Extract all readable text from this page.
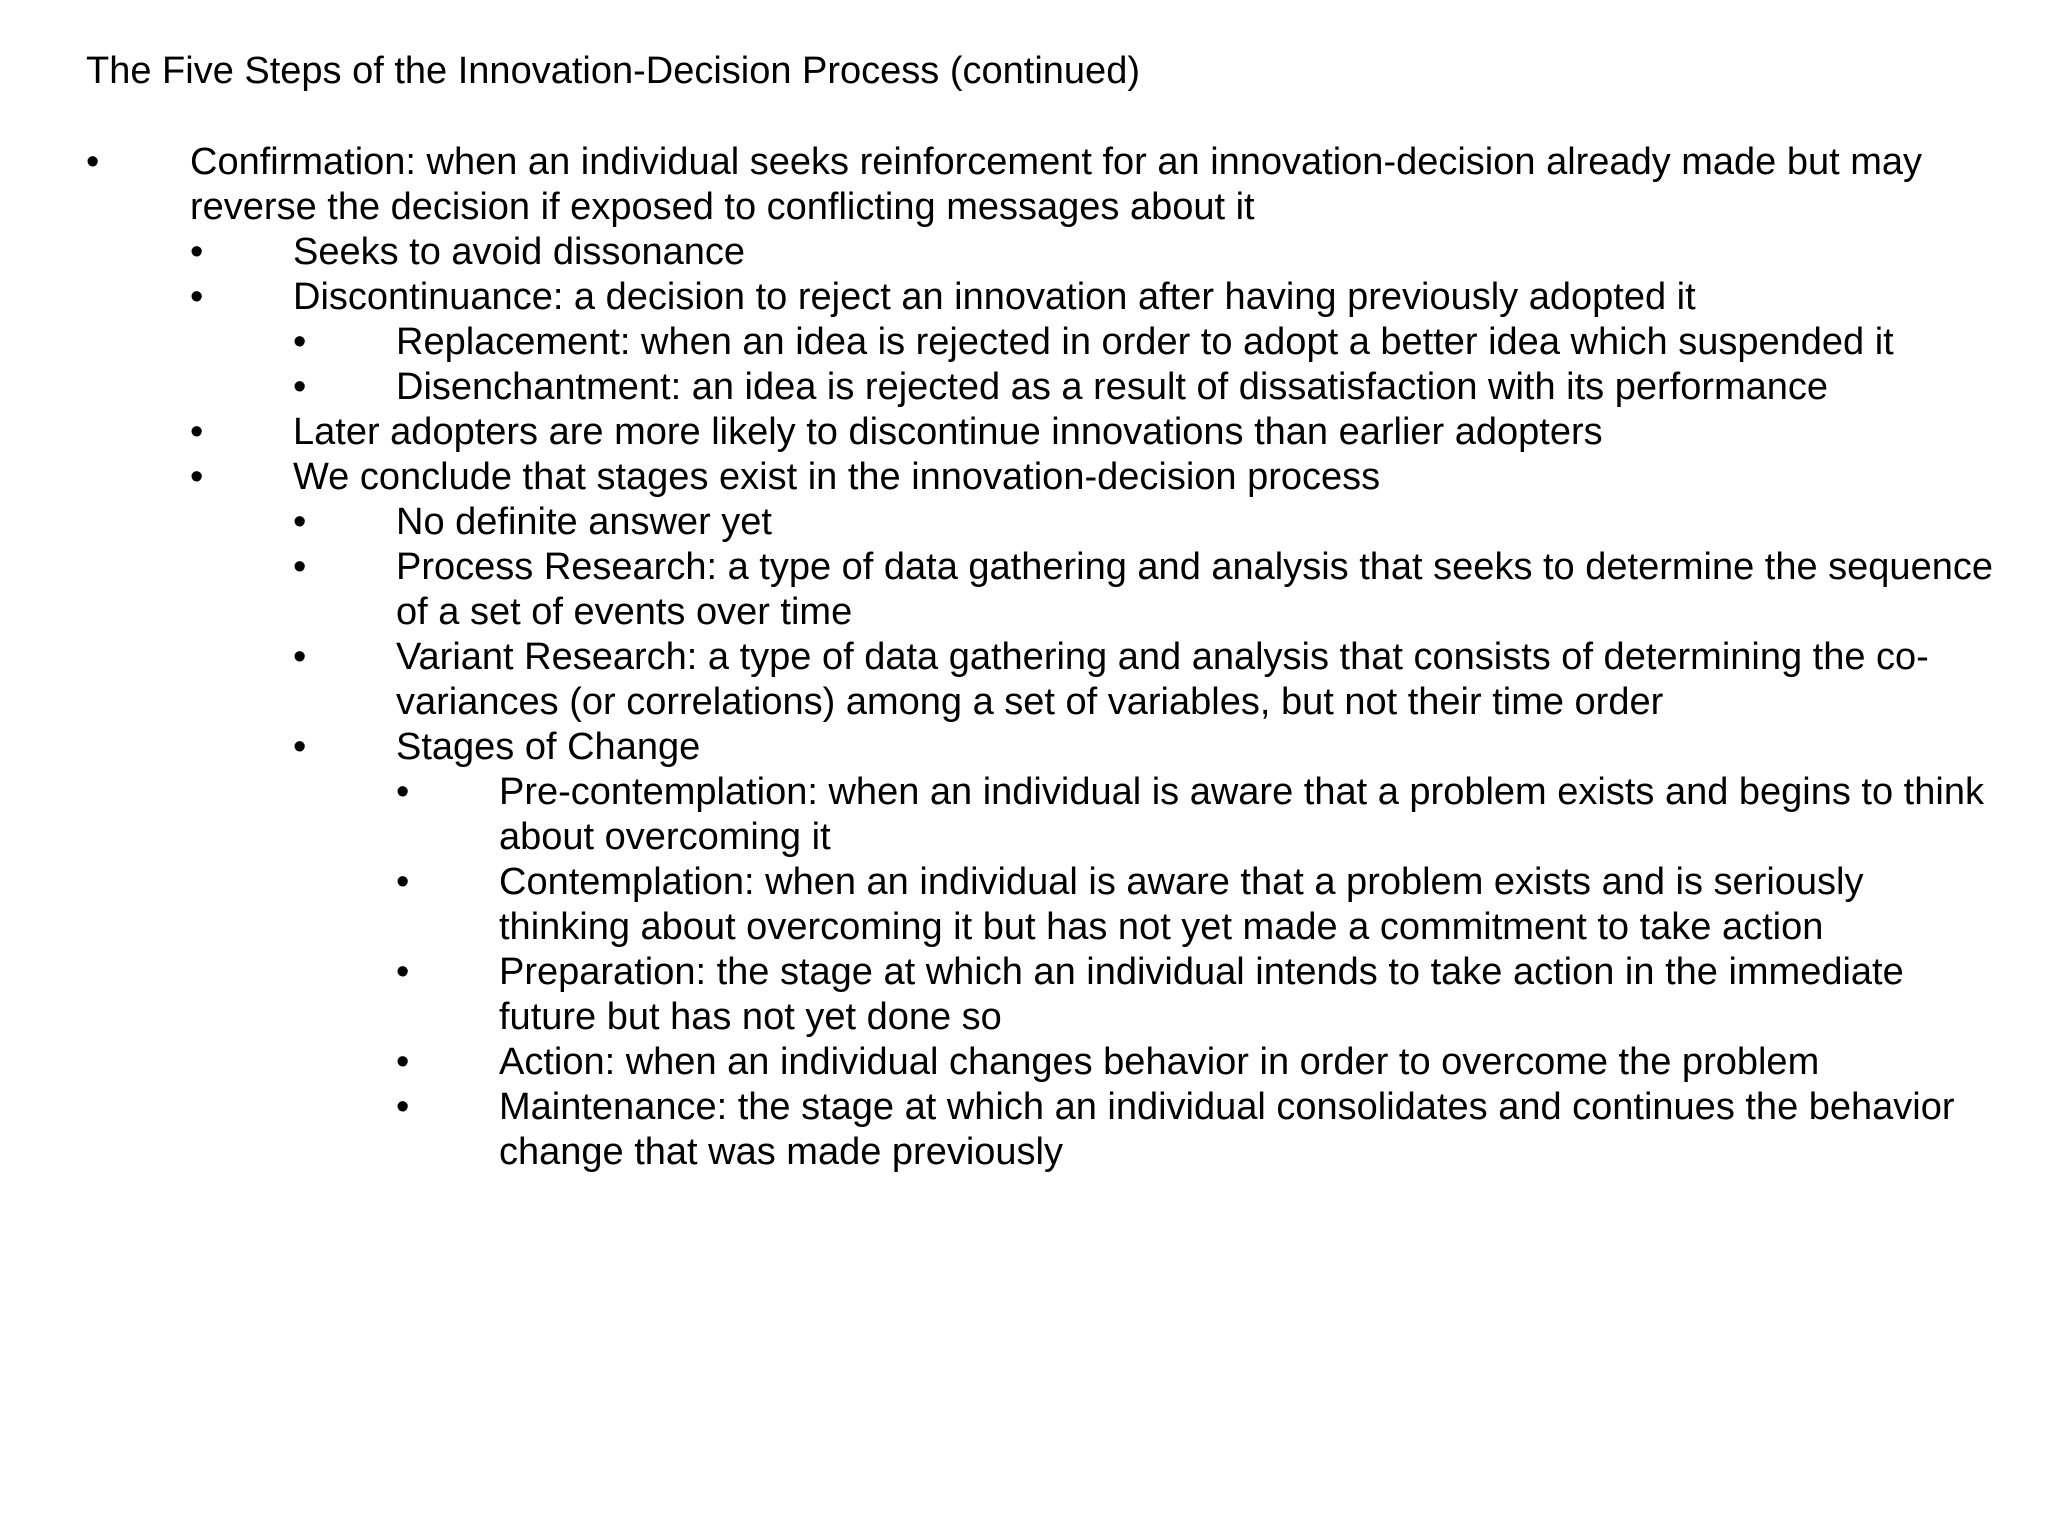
The Five Steps of the Innovation-Decision Process (continued)
•	Confirmation: when an individual seeks reinforcement for an innovation-decision already made but may reverse the decision if exposed to conflicting messages about it
•	Seeks to avoid dissonance
•	Discontinuance: a decision to reject an innovation after having previously adopted it
•	Replacement: when an idea is rejected in order to adopt a better idea which suspended it
•	Disenchantment: an idea is rejected as a result of dissatisfaction with its performance
•	Later adopters are more likely to discontinue innovations than earlier adopters
•	We conclude that stages exist in the innovation-decision process
•	No definite answer yet
•	Process Research: a type of data gathering and analysis that seeks to determine the sequence of a set of events over time
•	Variant Research: a type of data gathering and analysis that consists of determining the co-variances (or correlations) among a set of variables, but not their time order
•	Stages of Change
•	Pre-contemplation: when an individual is aware that a problem exists and begins to think about overcoming it
•	Contemplation: when an individual is aware that a problem exists and is seriously thinking about overcoming it but has not yet made a commitment to take action
•	Preparation: the stage at which an individual intends to take action in the immediate future but has not yet done so
•	Action: when an individual changes behavior in order to overcome the problem
•	Maintenance: the stage at which an individual consolidates and continues the behavior change that was made previously
